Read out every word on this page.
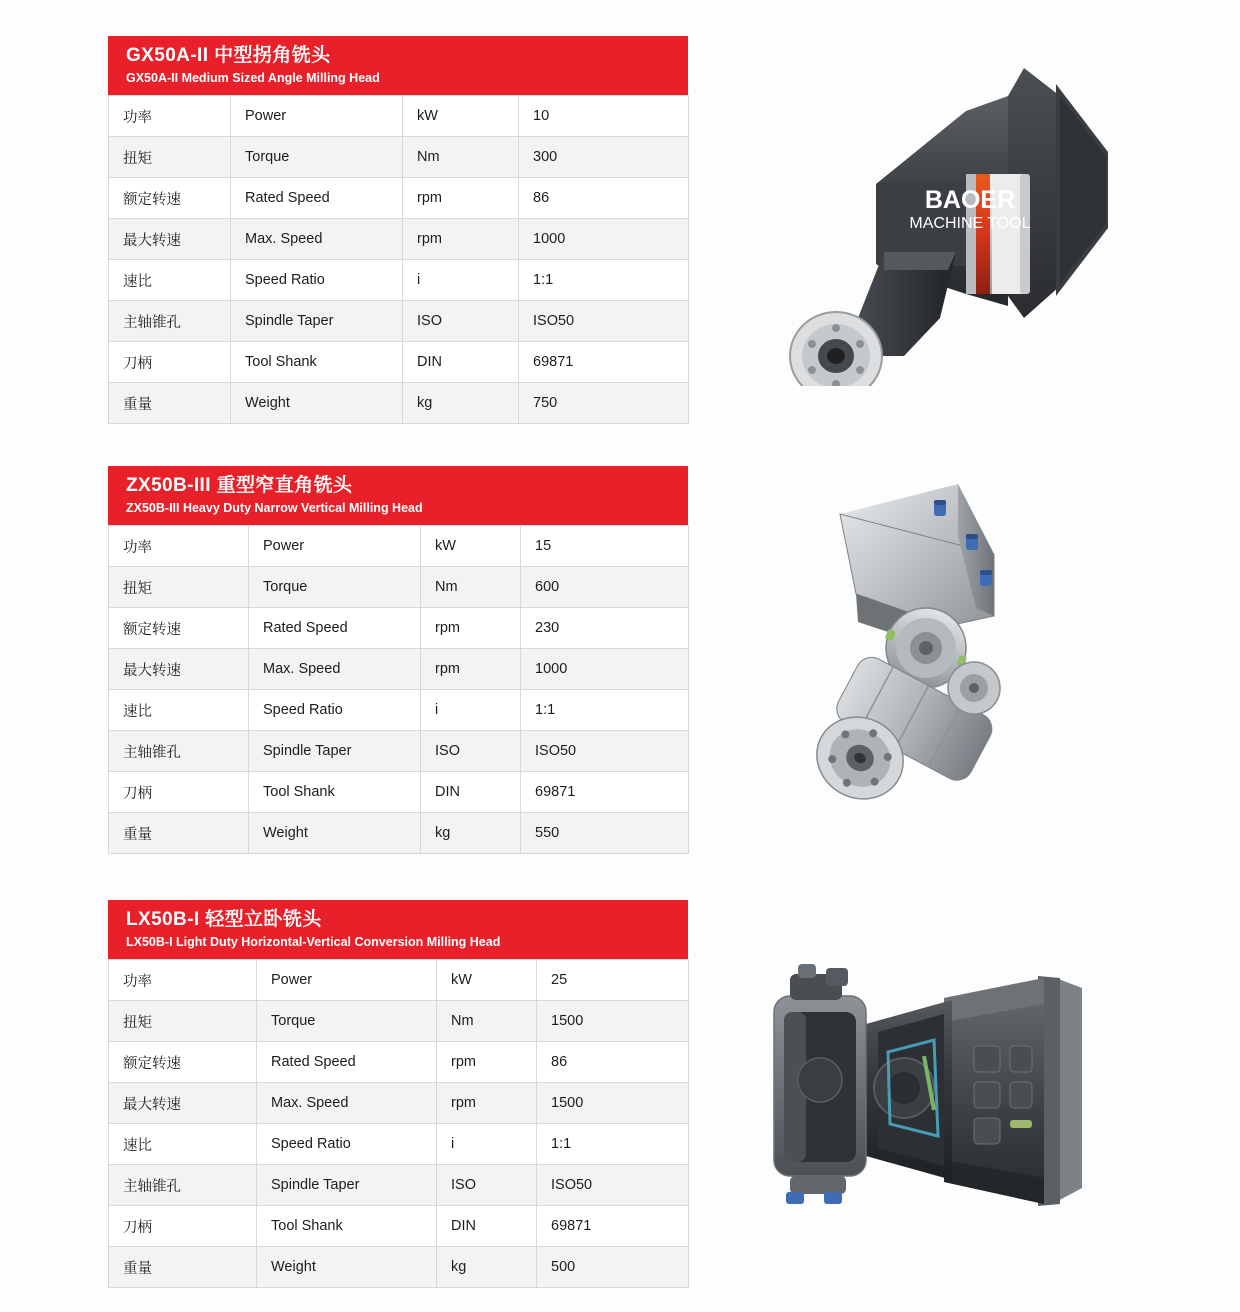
GX50A-II 中型拐角铣头
GX50A-II Medium Sized Angle Milling Head
功率	Power	kW	10
扭矩	Torque	Nm	300
额定转速	Rated Speed	rpm	86
最大转速	Max. Speed	rpm	1000
速比	Speed Ratio	i	1:1
主轴锥孔	Spindle Taper	ISO	ISO50
刀柄	Tool Shank	DIN	69871
重量	Weight	kg	750
BAOER
MACHINE TOOL
ZX50B-III 重型窄直角铣头
ZX50B-III Heavy Duty Narrow Vertical Milling Head
功率	Power	kW	15
扭矩	Torque	Nm	600
额定转速	Rated Speed	rpm	230
最大转速	Max. Speed	rpm	1000
速比	Speed Ratio	i	1:1
主轴锥孔	Spindle Taper	ISO	ISO50
刀柄	Tool Shank	DIN	69871
重量	Weight	kg	550
LX50B-I 轻型立卧铣头
LX50B-I Light Duty Horizontal-Vertical Conversion Milling Head
功率	Power	kW	25
扭矩	Torque	Nm	1500
额定转速	Rated Speed	rpm	86
最大转速	Max. Speed	rpm	1500
速比	Speed Ratio	i	1:1
主轴锥孔	Spindle Taper	ISO	ISO50
刀柄	Tool Shank	DIN	69871
重量	Weight	kg	500
